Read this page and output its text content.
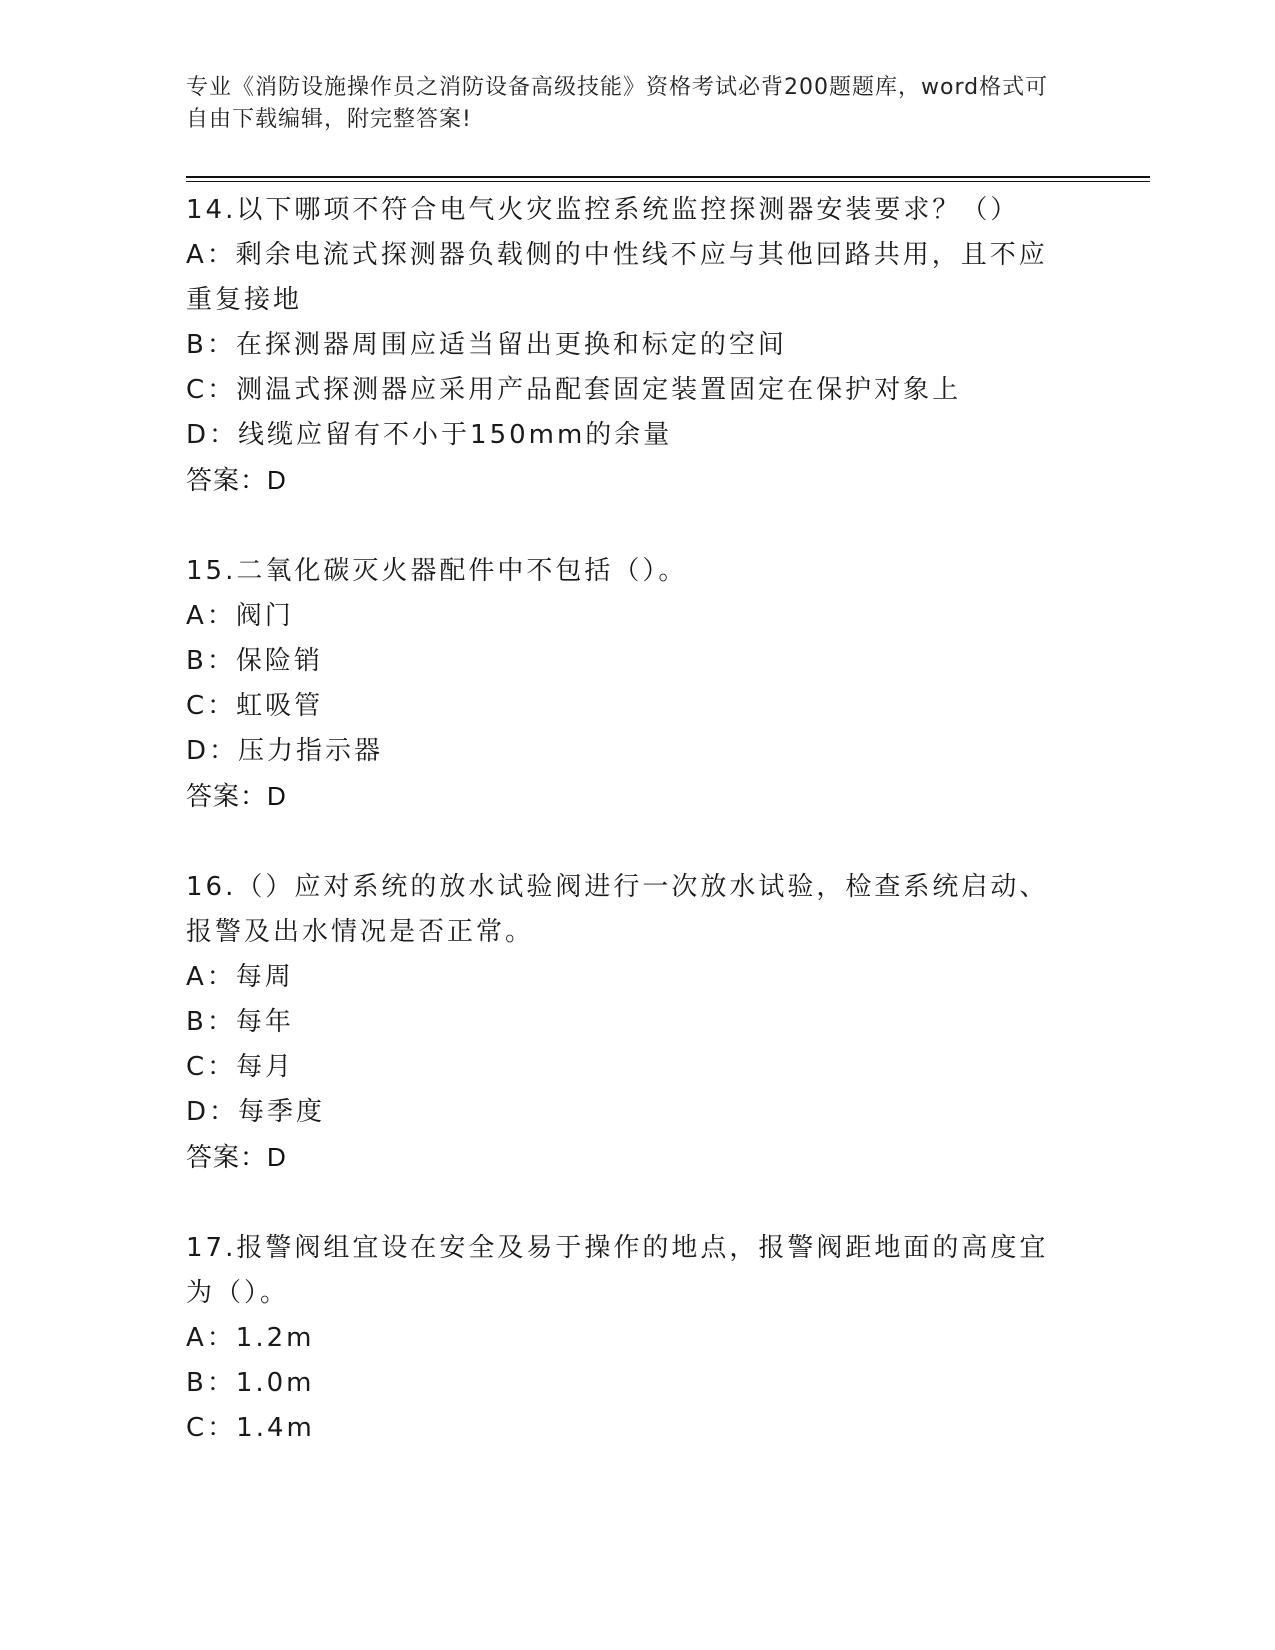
专业《消防设施操作员之消防设备高级技能》资格考试必背200题题库，word格式可自由下载编辑，附完整答案!
14.以下哪项不符合电气火灾监控系统监控探测器安装要求？（）
A：剩余电流式探测器负载侧的中性线不应与其他回路共用，且不应重复接地
B：在探测器周围应适当留出更换和标定的空间
C：测温式探测器应采用产品配套固定装置固定在保护对象上
D：线缆应留有不小于150mm的余量
答案：D
15.二氧化碳灭火器配件中不包括（）。
A：阀门
B：保险销
C：虹吸管
D：压力指示器
答案：D
16.（）应对系统的放水试验阀进行一次放水试验，检查系统启动、报警及出水情况是否正常。
A：每周
B：每年
C：每月
D：每季度
答案：D
17.报警阀组宜设在安全及易于操作的地点，报警阀距地面的高度宜为（）。
A：1.2m
B：1.0m
C：1.4m
